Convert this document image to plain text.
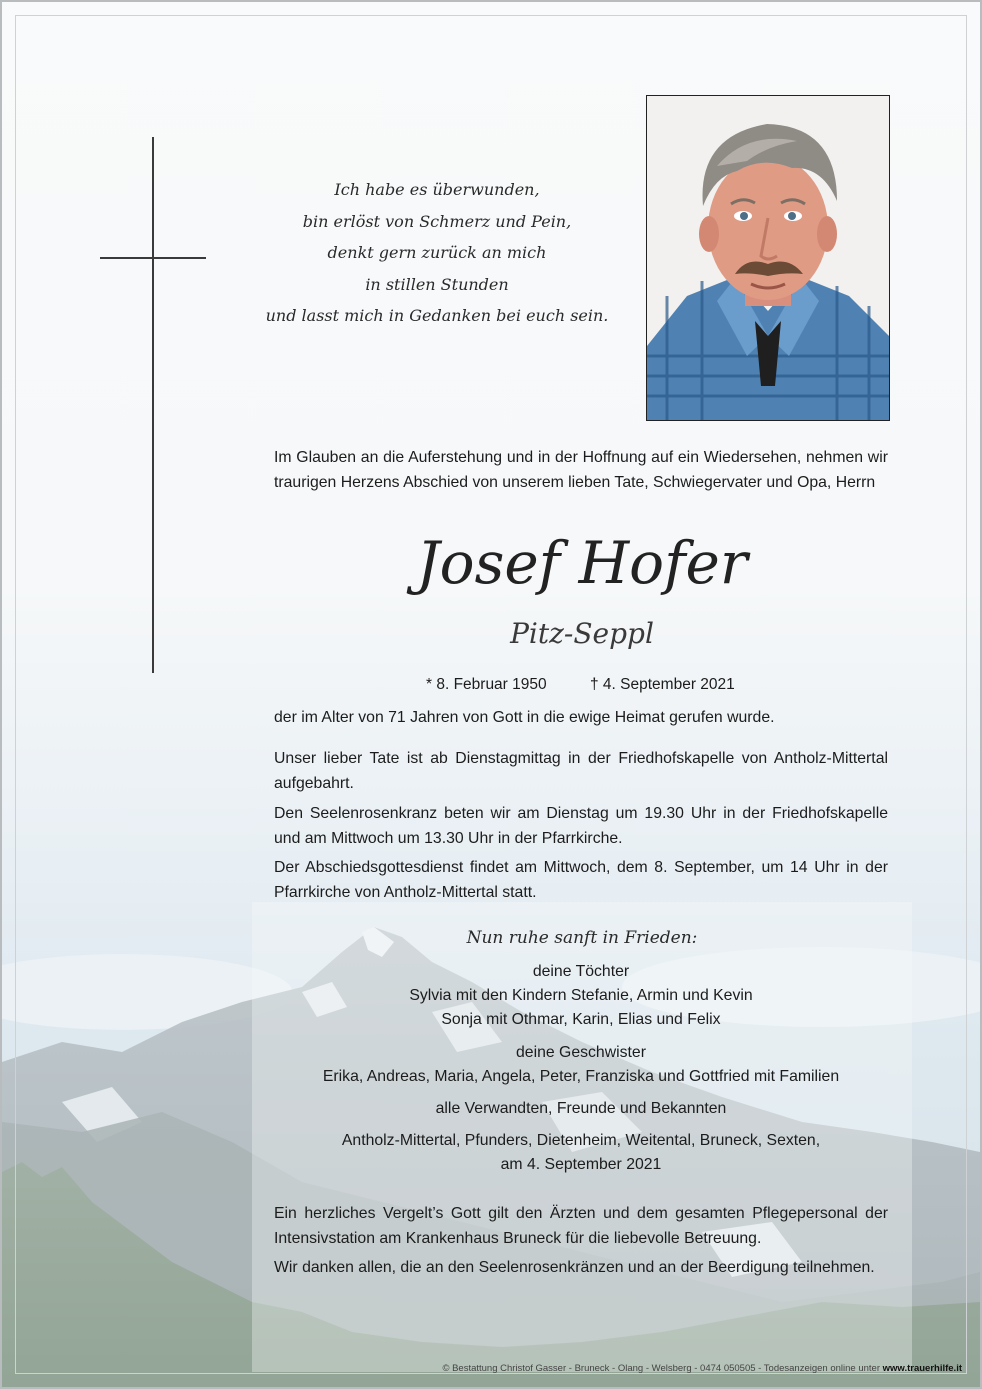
Ich habe es überwunden,
bin erlöst von Schmerz und Pein,
denkt gern zurück an mich
in stillen Stunden
und lasst mich in Gedanken bei euch sein.
Im Glauben an die Auferstehung und in der Hoffnung auf ein Wiedersehen, nehmen wir traurigen Herzens Abschied von unserem lieben Tate, Schwiegervater und Opa, Herrn
Josef Hofer
Pitz-Seppl
* 8. Februar 1950	† 4. September 2021
der im Alter von 71 Jahren von Gott in die ewige Heimat gerufen wurde.
Unser lieber Tate ist ab Dienstagmittag in der Friedhofskapelle von Antholz-Mittertal aufgebahrt.
Den Seelenrosenkranz beten wir am Dienstag um 19.30 Uhr in der Friedhofskapelle und am Mittwoch um 13.30 Uhr in der Pfarrkirche.
Der Abschiedsgottesdienst findet am Mittwoch, dem 8. September, um 14 Uhr in der Pfarrkirche von Antholz-Mittertal statt.
Nun ruhe sanft in Frieden:
deine Töchter
Sylvia mit den Kindern Stefanie, Armin und Kevin
Sonja mit Othmar, Karin, Elias und Felix
deine Geschwister
Erika, Andreas, Maria, Angela, Peter, Franziska und Gottfried mit Familien
alle Verwandten, Freunde und Bekannten
Antholz-Mittertal, Pfunders, Dietenheim, Weitental, Bruneck, Sexten,
am 4. September 2021
Ein herzliches Vergelt’s Gott gilt den Ärzten und dem gesamten Pflegepersonal der Intensivstation am Krankenhaus Bruneck für die liebevolle Betreuung.
Wir danken allen, die an den Seelenrosenkränzen und an der Beerdigung teilnehmen.
© Bestattung Christof Gasser - Bruneck - Olang - Welsberg - 0474 050505 - Todesanzeigen online unter www.trauerhilfe.it
